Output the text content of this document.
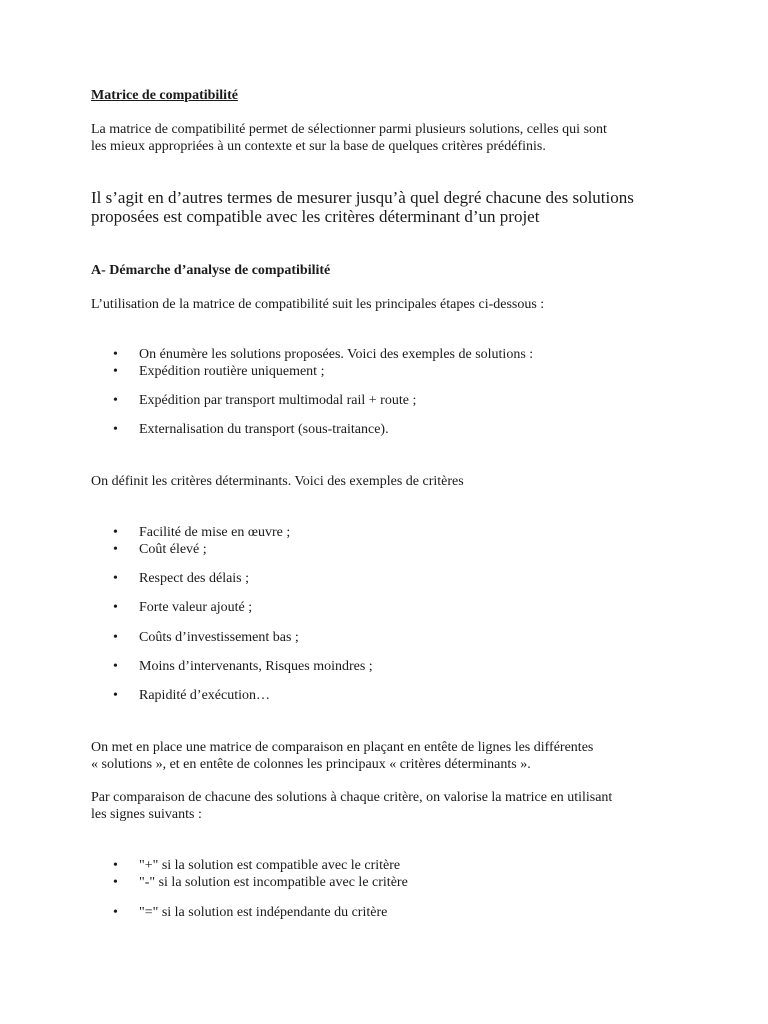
Matrice de compatibilité
La matrice de compatibilité permet de sélectionner parmi plusieurs solutions, celles qui sont
les mieux appropriées à un contexte et sur la base de quelques critères prédéfinis.
Il s’agit en d’autres termes de mesurer jusqu’à quel degré chacune des solutions
proposées est compatible avec les critères déterminant d’un projet
A- Démarche d’analyse de compatibilité
L’utilisation de la matrice de compatibilité suit les principales étapes ci-dessous :
• On énumère les solutions proposées. Voici des exemples de solutions :
• Expédition routière uniquement ;
• Expédition par transport multimodal rail + route ;
• Externalisation du transport (sous-traitance).
On définit les critères déterminants. Voici des exemples de critères
• Facilité de mise en œuvre ;
• Coût élevé ;
• Respect des délais ;
• Forte valeur ajouté ;
• Coûts d’investissement bas ;
• Moins d’intervenants, Risques moindres ;
• Rapidité d’exécution…
On met en place une matrice de comparaison en plaçant en entête de lignes les différentes
« solutions », et en entête de colonnes les principaux « critères déterminants ».
Par comparaison de chacune des solutions à chaque critère, on valorise la matrice en utilisant
les signes suivants :
• "+" si la solution est compatible avec le critère
• "-" si la solution est incompatible avec le critère
• "=" si la solution est indépendante du critère
